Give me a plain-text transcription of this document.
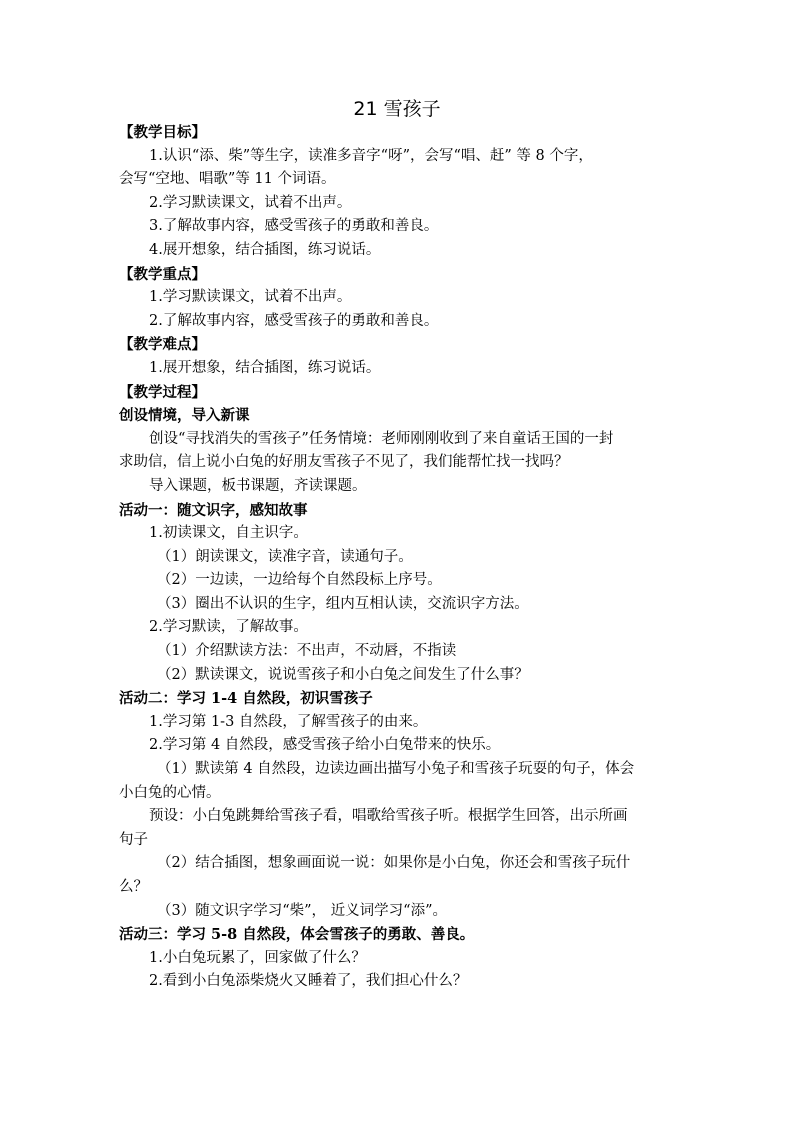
21 雪孩子
【教学目标】
1.认识“添、柴”等生字，读准多音字“呀”，会写“唱、赶” 等 8 个字，
会写“空地、唱歌”等 11 个词语。
2.学习默读课文，试着不出声。
3.了解故事内容，感受雪孩子的勇敢和善良。
4.展开想象，结合插图，练习说话。
【教学重点】
1.学习默读课文，试着不出声。
2.了解故事内容，感受雪孩子的勇敢和善良。
【教学难点】
1.展开想象，结合插图，练习说话。
【教学过程】
创设情境，导入新课
创设“寻找消失的雪孩子”任务情境：老师刚刚收到了来自童话王国的一封
求助信，信上说小白兔的好朋友雪孩子不见了，我们能帮忙找一找吗？
导入课题，板书课题，齐读课题。
活动一：随文识字，感知故事
1.初读课文，自主识字。
（1）朗读课文，读准字音，读通句子。
（2）一边读，一边给每个自然段标上序号。
（3）圈出不认识的生字，组内互相认读，交流识字方法。
2.学习默读，了解故事。
（1）介绍默读方法：不出声，不动唇，不指读
（2）默读课文，说说雪孩子和小白兔之间发生了什么事？
活动二：学习 1-4 自然段，初识雪孩子
1.学习第 1-3 自然段，了解雪孩子的由来。
2.学习第 4 自然段，感受雪孩子给小白兔带来的快乐。
（1）默读第 4 自然段，边读边画出描写小兔子和雪孩子玩耍的句子，体会
小白兔的心情。
预设：小白兔跳舞给雪孩子看，唱歌给雪孩子听。根据学生回答，出示所画
句子
（2）结合插图，想象画面说一说：如果你是小白兔，你还会和雪孩子玩什
么？
（3）随文识字学习“柴”， 近义词学习“添”。
活动三：学习 5-8 自然段，体会雪孩子的勇敢、善良。
1.小白兔玩累了，回家做了什么？
2.看到小白兔添柴烧火又睡着了，我们担心什么？
